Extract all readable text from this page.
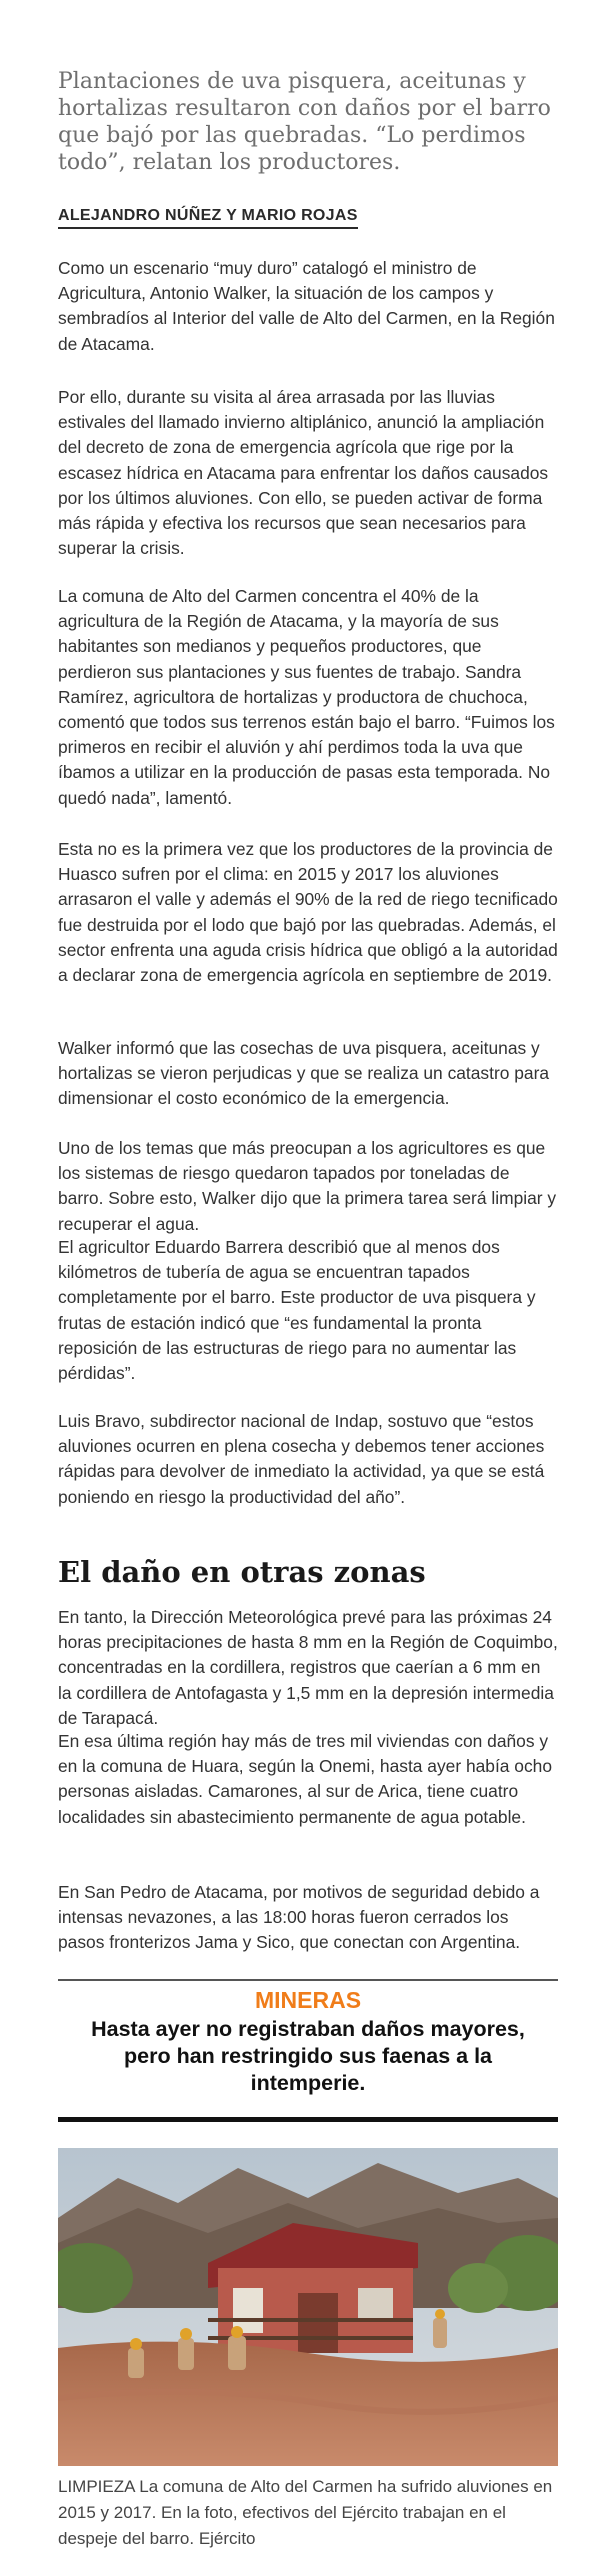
Plantaciones de uva pisquera, aceitunas y hortalizas resultaron con daños por el barro que bajó por las quebradas. “Lo perdimos todo”, relatan los productores.

ALEJANDRO NÚÑEZ Y MARIO ROJAS

Como un escenario “muy duro” catalogó el ministro de Agricultura, Antonio Walker, la situación de los campos y sembradíos al Interior del valle de Alto del Carmen, en la Región de Atacama.

Por ello, durante su visita al área arrasada por las lluvias estivales del llamado invierno altiplánico, anunció la ampliación del decreto de zona de emergencia agrícola que rige por la escasez hídrica en Atacama para enfrentar los daños causados por los últimos aluviones. Con ello, se pueden activar de forma más rápida y efectiva los recursos que sean necesarios para superar la crisis.

La comuna de Alto del Carmen concentra el 40% de la agricultura de la Región de Atacama, y la mayoría de sus habitantes son medianos y pequeños productores, que perdieron sus plantaciones y sus fuentes de trabajo. Sandra Ramírez, agricultora de hortalizas y productora de chuchoca, comentó que todos sus terrenos están bajo el barro. “Fuimos los primeros en recibir el aluvión y ahí perdimos toda la uva que íbamos a utilizar en la producción de pasas esta temporada. No quedó nada”, lamentó.

Esta no es la primera vez que los productores de la provincia de Huasco sufren por el clima: en 2015 y 2017 los aluviones arrasaron el valle y además el 90% de la red de riego tecnificado fue destruida por el lodo que bajó por las quebradas. Además, el sector enfrenta una aguda crisis hídrica que obligó a la autoridad a declarar zona de emergencia agrícola en septiembre de 2019.

Walker informó que las cosechas de uva pisquera, aceitunas y hortalizas se vieron perjudicas y que se realiza un catastro para dimensionar el costo económico de la emergencia.

Uno de los temas que más preocupan a los agricultores es que los sistemas de riesgo quedaron tapados por toneladas de barro. Sobre esto, Walker dijo que la primera tarea será limpiar y recuperar el agua.

El agricultor Eduardo Barrera describió que al menos dos kilómetros de tubería de agua se encuentran tapados completamente por el barro. Este productor de uva pisquera y frutas de estación indicó que “es fundamental la pronta reposición de las estructuras de riego para no aumentar las pérdidas”.

Luis Bravo, subdirector nacional de Indap, sostuvo que “estos aluviones ocurren en plena cosecha y debemos tener acciones rápidas para devolver de inmediato la actividad, ya que se está poniendo en riesgo la productividad del año”.

El daño en otras zonas

En tanto, la Dirección Meteorológica prevé para las próximas 24 horas precipitaciones de hasta 8 mm en la Región de Coquimbo, concentradas en la cordillera, registros que caerían a 6 mm en la cordillera de Antofagasta y 1,5 mm en la depresión intermedia de Tarapacá.

En esa última región hay más de tres mil viviendas con daños y en la comuna de Huara, según la Onemi, hasta ayer había ocho personas aisladas. Camarones, al sur de Arica, tiene cuatro localidades sin abastecimiento permanente de agua potable.

En San Pedro de Atacama, por motivos de seguridad debido a intensas nevazones, a las 18:00 horas fueron cerrados los pasos fronterizos Jama y Sico, que conectan con Argentina.

MINERAS
Hasta ayer no registraban daños mayores, pero han restringido sus faenas a la intemperie.
LIMPIEZA La comuna de Alto del Carmen ha sufrido aluviones en 2015 y 2017. En la foto, efectivos del Ejército trabajan en el despeje del barro. Ejército
